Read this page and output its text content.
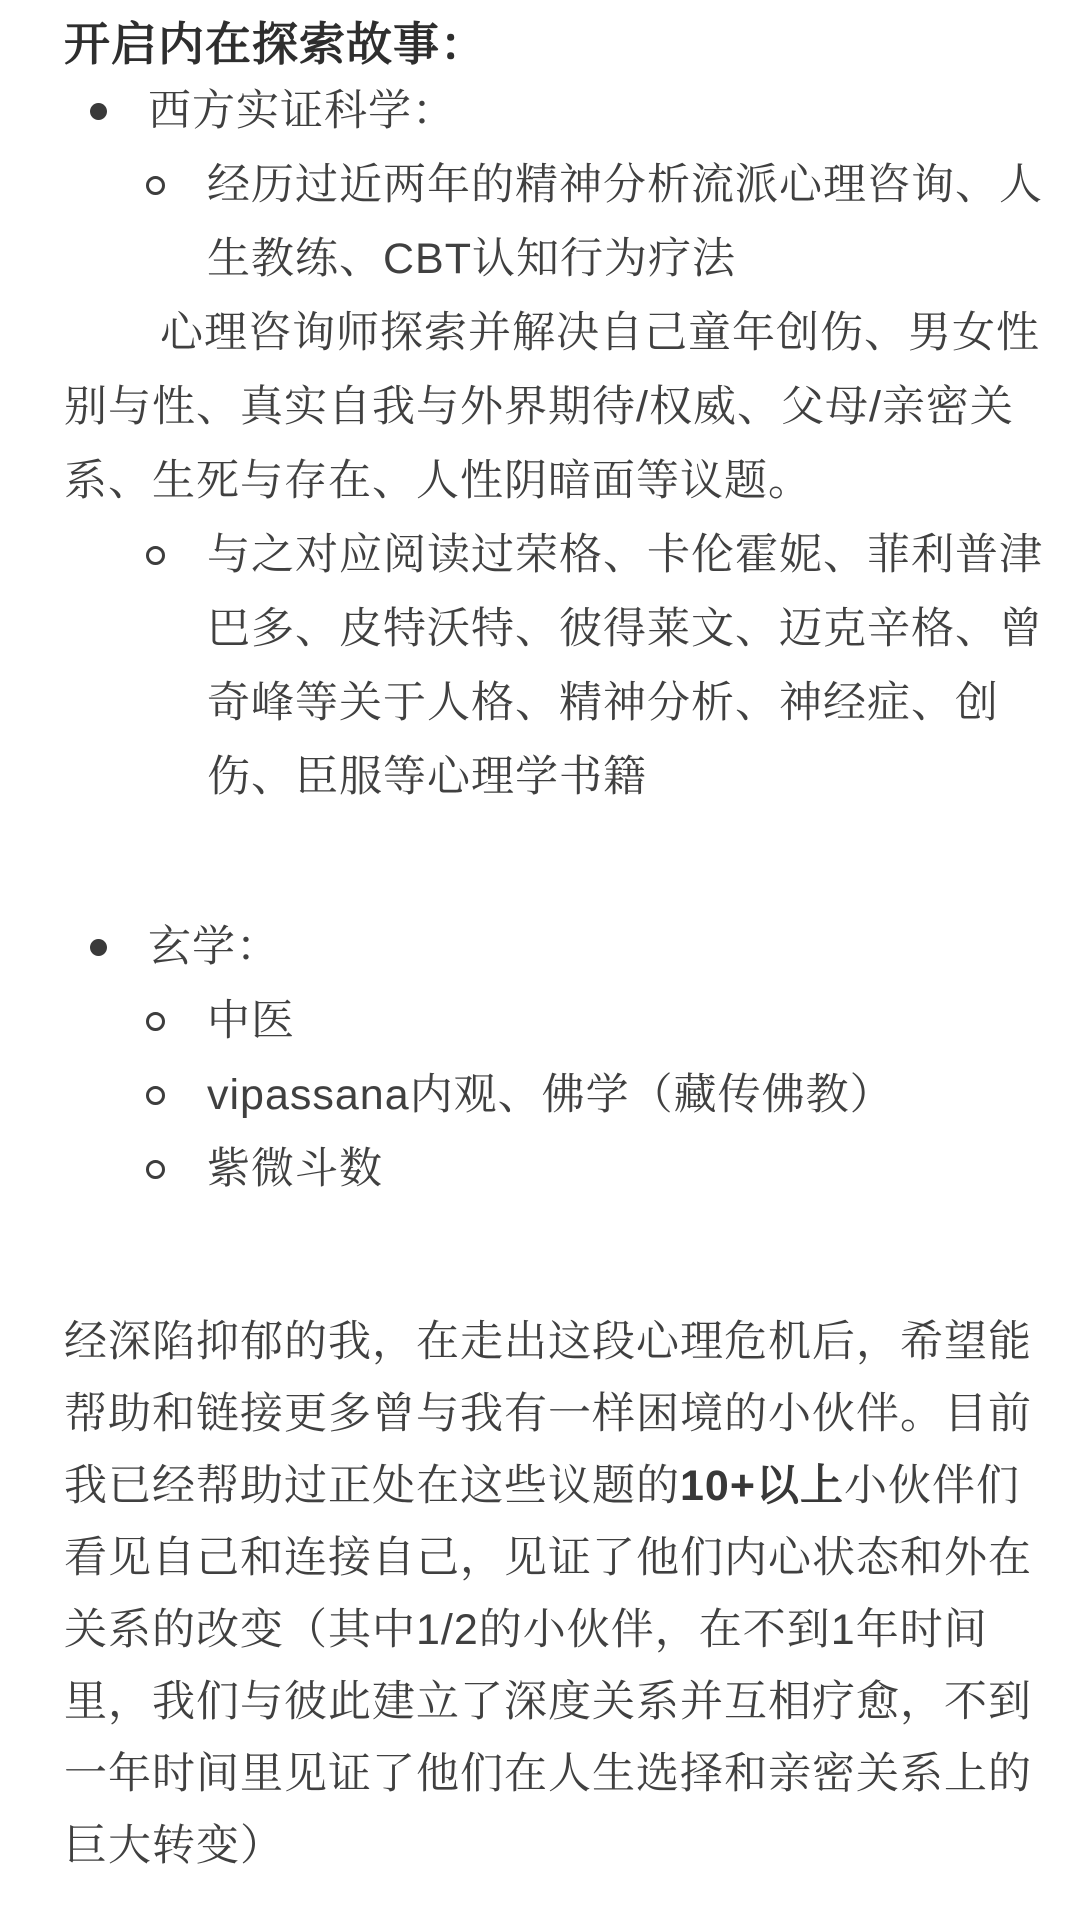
开启内在探索故事：
西方实证科学：
经历过近两年的精神分析流派心理咨询、人
生教练、CBT认知行为疗法
心理咨询师探索并解决自己童年创伤、男女性
别与性、真实自我与外界期待/权威、父母/亲密关
系、生死与存在、人性阴暗面等议题。
与之对应阅读过荣格、卡伦霍妮、菲利普津
巴多、皮特沃特、彼得莱文、迈克辛格、曾
奇峰等关于人格、精神分析、神经症、创
伤、臣服等心理学书籍
玄学：
中医
vipassana内观、佛学（藏传佛教）
紫微斗数
经深陷抑郁的我，在走出这段心理危机后，希望能
帮助和链接更多曾与我有一样困境的小伙伴。目前
我已经帮助过正处在这些议题的10+以上小伙伴们
看见自己和连接自己，见证了他们内心状态和外在
关系的改变（其中1/2的小伙伴，在不到1年时间
里，我们与彼此建立了深度关系并互相疗愈，不到
一年时间里见证了他们在人生选择和亲密关系上的
巨大转变）
